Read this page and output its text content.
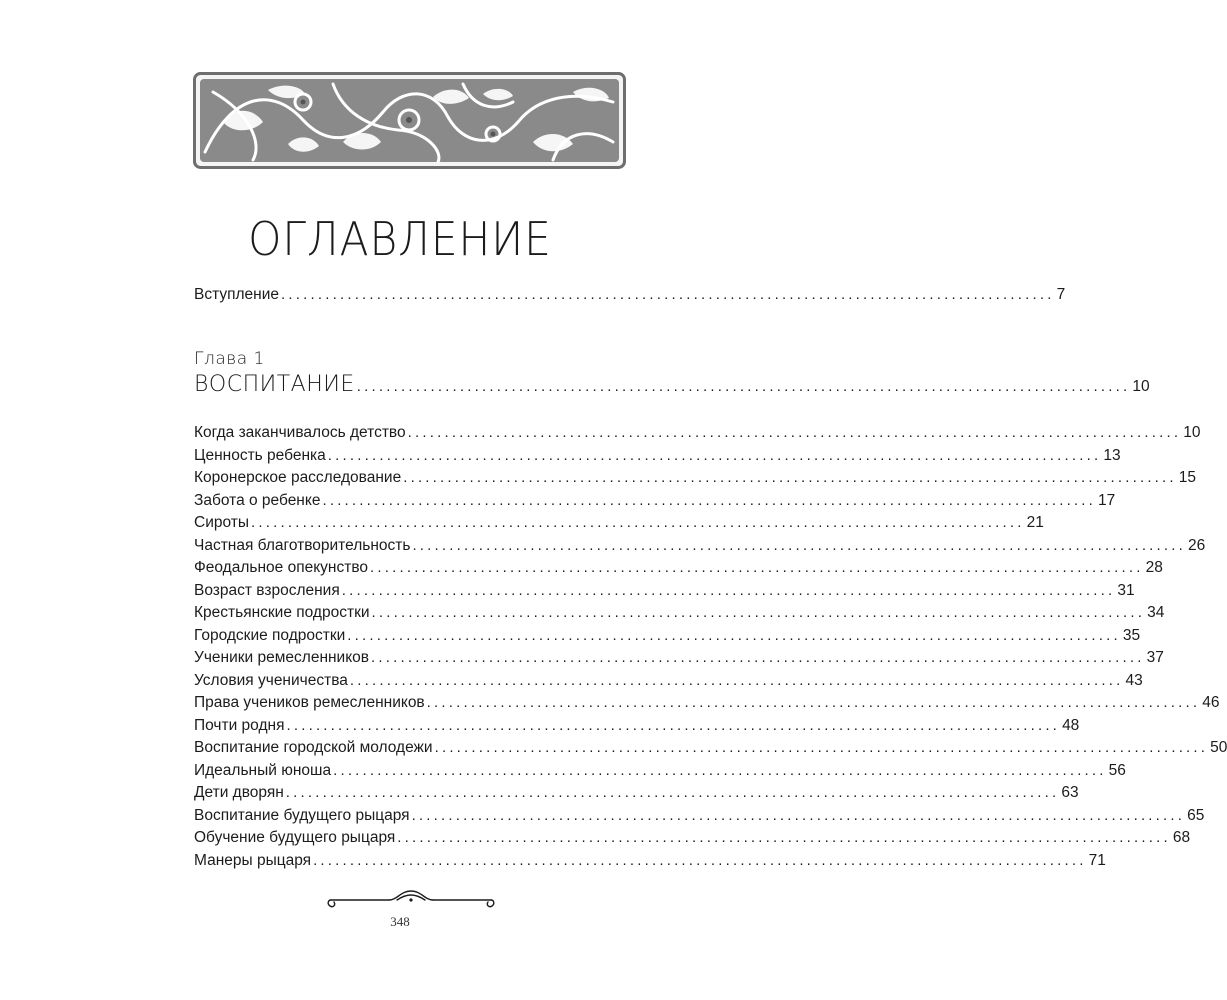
ОГЛАВЛЕНИЕ
Вступление ......................................................................................................... 7
Глава 1
ВОСПИТАНИЕ ......................................................................................................... 10
Когда заканчивалось детство ......................................................................................................... 10
Ценность ребенка ......................................................................................................... 13
Коронерское расследование ......................................................................................................... 15
Забота о ребенке ......................................................................................................... 17
Сироты ......................................................................................................... 21
Частная благотворительность ......................................................................................................... 26
Феодальное опекунство ......................................................................................................... 28
Возраст взросления ......................................................................................................... 31
Крестьянские подростки ......................................................................................................... 34
Городские подростки ......................................................................................................... 35
Ученики ремесленников ......................................................................................................... 37
Условия ученичества ......................................................................................................... 43
Права учеников ремесленников ......................................................................................................... 46
Почти родня ......................................................................................................... 48
Воспитание городской молодежи ......................................................................................................... 50
Идеальный юноша ......................................................................................................... 56
Дети дворян ......................................................................................................... 63
Воспитание будущего рыцаря ......................................................................................................... 65
Обучение будущего рыцаря ......................................................................................................... 68
Манеры рыцаря ......................................................................................................... 71
348
